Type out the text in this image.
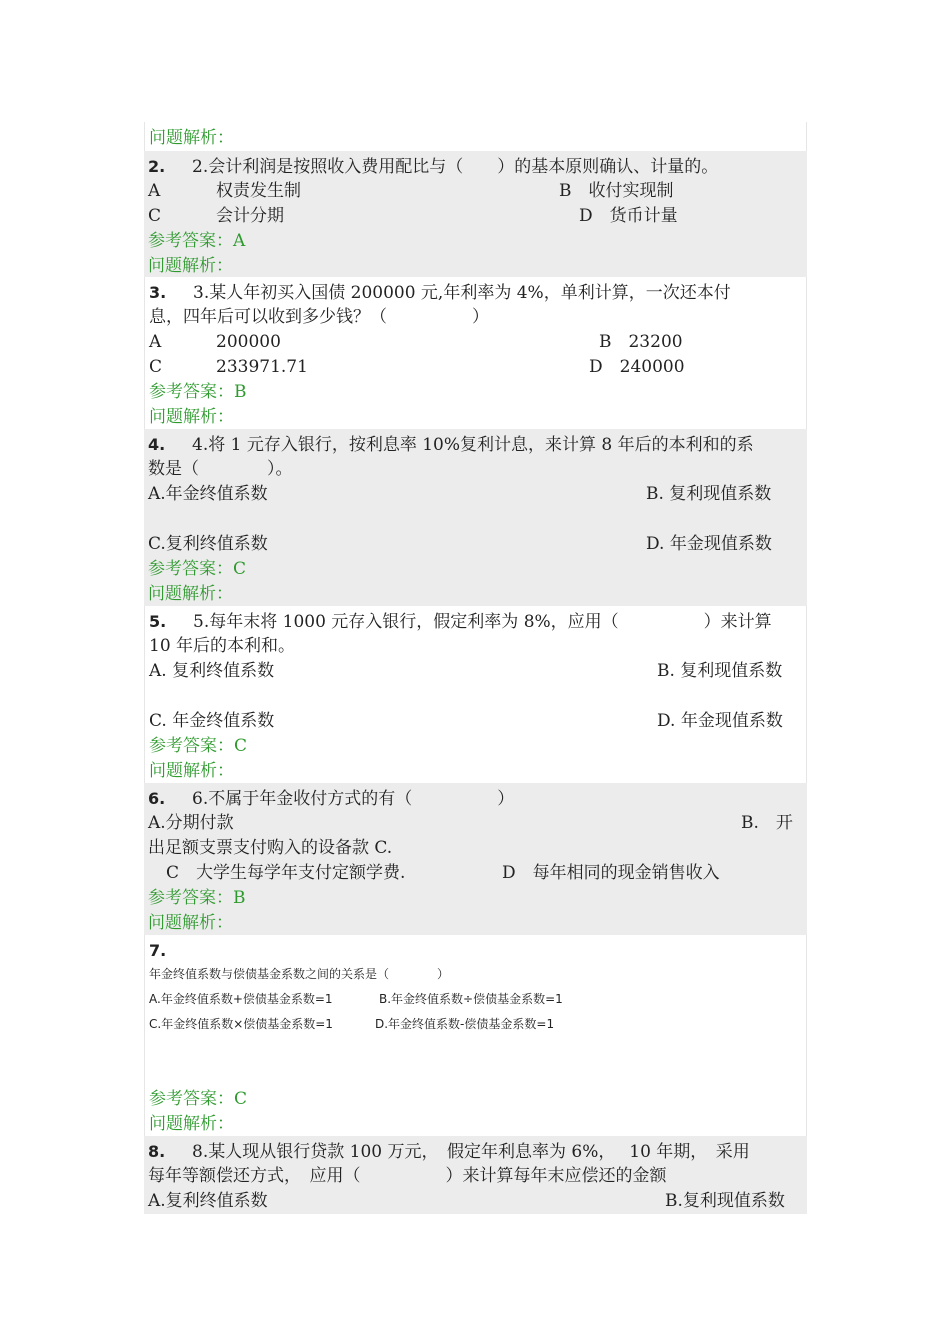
问题解析：
2. 2.会计利润是按照收入费用配比与（　　）的基本原则确认、计量的。
A	权责发生制	B　收付实现制
C	会计分期	D　货币计量
参考答案：A
问题解析：
3. 3.某人年初买入国债 200000 元,年利率为 4%，单利计算，一次还本付
息，四年后可以收到多少钱？（　　　　　）
A	200000	B　23200
C	233971.71	D　240000
参考答案：B
问题解析：
4. 4.将 1 元存入银行，按利息率 10%复利计息，来计算 8 年后的本利和的系
数是（　　　　）。
A.年金终值系数	B. 复利现值系数
C.复利终值系数	D. 年金现值系数
参考答案：C
问题解析：
5. 5.每年末将 1000 元存入银行，假定利率为 8%，应用（　　　　　）来计算
10 年后的本利和。
A. 复利终值系数	B. 复利现值系数
C. 年金终值系数	D. 年金现值系数
参考答案：C
问题解析：
6. 6.不属于年金收付方式的有（　　　　　）
A.分期付款	B.　开
出足额支票支付购入的设备款 C.
C　大学生每学年支付定额学费.	D　每年相同的现金销售收入
参考答案：B
问题解析：
7.
年金终值系数与偿债基金系数之间的关系是（　　　　）
A.年金终值系数+偿债基金系数=1	B.年金终值系数÷偿债基金系数=1
C.年金终值系数×偿债基金系数=1	D.年金终值系数-偿债基金系数=1
参考答案：C
问题解析：
8. 8.某人现从银行贷款 100 万元，　假定年利息率为 6%，　 10 年期，　采用
每年等额偿还方式，　应用（　　　　　）来计算每年末应偿还的金额
A.复利终值系数	B.复利现值系数
